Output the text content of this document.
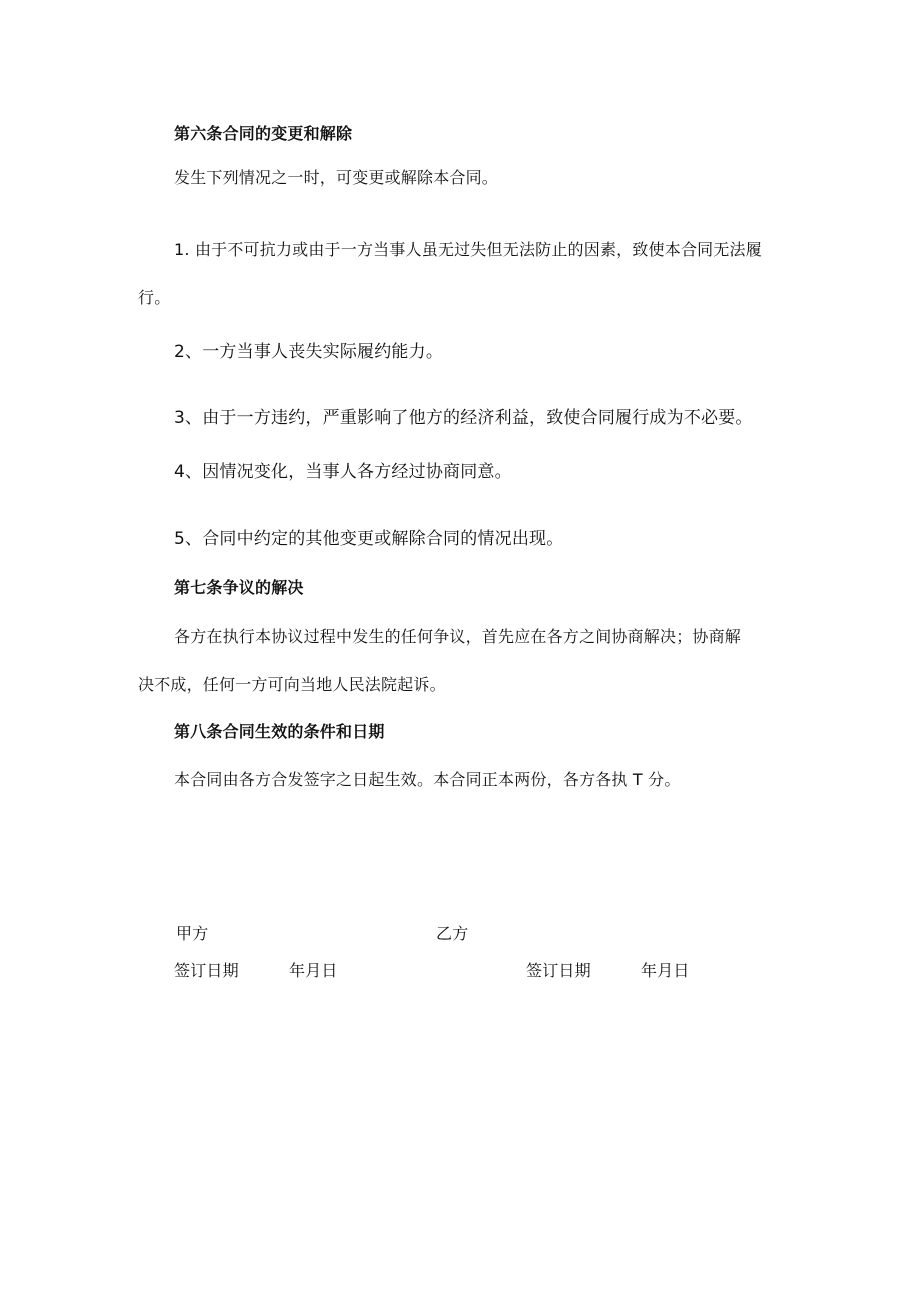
第六条合同的变更和解除
发生下列情况之一时，可变更或解除本合同。
1. 由于不可抗力或由于一方当事人虽无过失但无法防止的因素，致使本合同无法履
行。
2、一方当事人丧失实际履约能力。
3、由于一方违约，严重影响了他方的经济利益，致使合同履行成为不必要。
4、因情况变化，当事人各方经过协商同意。
5、合同中约定的其他变更或解除合同的情况出现。
第七条争议的解决
各方在执行本协议过程中发生的任何争议，首先应在各方之间协商解决；协商解
决不成，任何一方可向当地人民法院起诉。
第八条合同生效的条件和日期
本合同由各方合发签字之日起生效。本合同正本两份，各方各执 T 分。
甲方	乙方
签订日期	年月日	签订日期	年月日
